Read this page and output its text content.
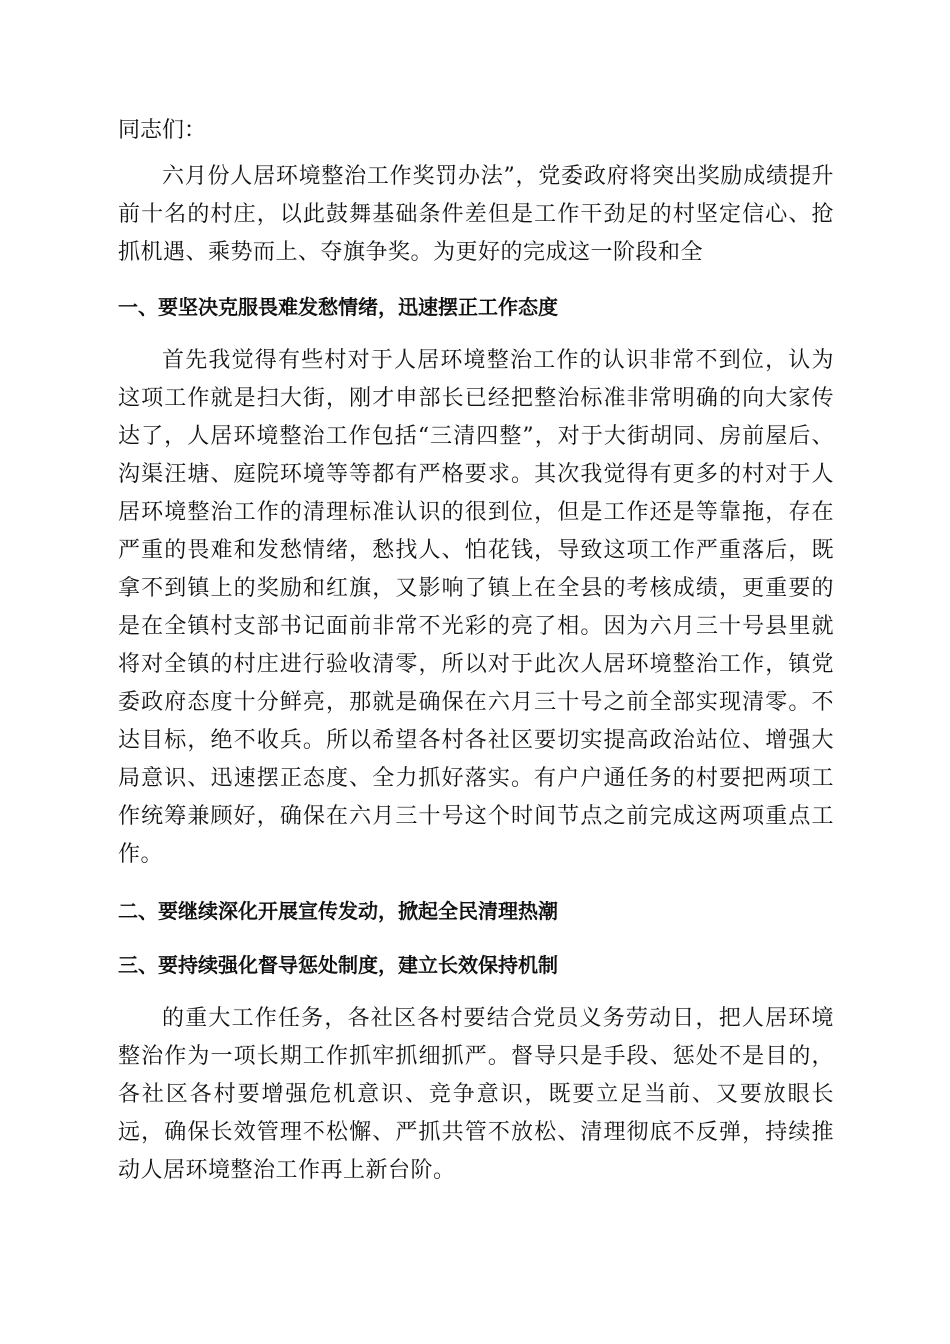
同志们：

六月份人居环境整治工作奖罚办法”，党委政府将突出奖励成绩提升前十名的村庄，以此鼓舞基础条件差但是工作干劲足的村坚定信心、抢抓机遇、乘势而上、夺旗争奖。为更好的完成这一阶段和全

一、要坚决克服畏难发愁情绪，迅速摆正工作态度

首先我觉得有些村对于人居环境整治工作的认识非常不到位，认为这项工作就是扫大街，刚才申部长已经把整治标准非常明确的向大家传达了，人居环境整治工作包括“三清四整”，对于大街胡同、房前屋后、沟渠汪塘、庭院环境等等都有严格要求。其次我觉得有更多的村对于人居环境整治工作的清理标准认识的很到位，但是工作还是等靠拖，存在严重的畏难和发愁情绪，愁找人、怕花钱，导致这项工作严重落后，既拿不到镇上的奖励和红旗，又影响了镇上在全县的考核成绩，更重要的是在全镇村支部书记面前非常不光彩的亮了相。因为六月三十号县里就将对全镇的村庄进行验收清零，所以对于此次人居环境整治工作，镇党委政府态度十分鲜亮，那就是确保在六月三十号之前全部实现清零。不达目标，绝不收兵。所以希望各村各社区要切实提高政治站位、增强大局意识、迅速摆正态度、全力抓好落实。有户户通任务的村要把两项工作统筹兼顾好，确保在六月三十号这个时间节点之前完成这两项重点工作。

二、要继续深化开展宣传发动，掀起全民清理热潮

三、要持续强化督导惩处制度，建立长效保持机制

的重大工作任务，各社区各村要结合党员义务劳动日，把人居环境整治作为一项长期工作抓牢抓细抓严。督导只是手段、惩处不是目的，各社区各村要增强危机意识、竞争意识，既要立足当前、又要放眼长远，确保长效管理不松懈、严抓共管不放松、清理彻底不反弹，持续推动人居环境整治工作再上新台阶。
